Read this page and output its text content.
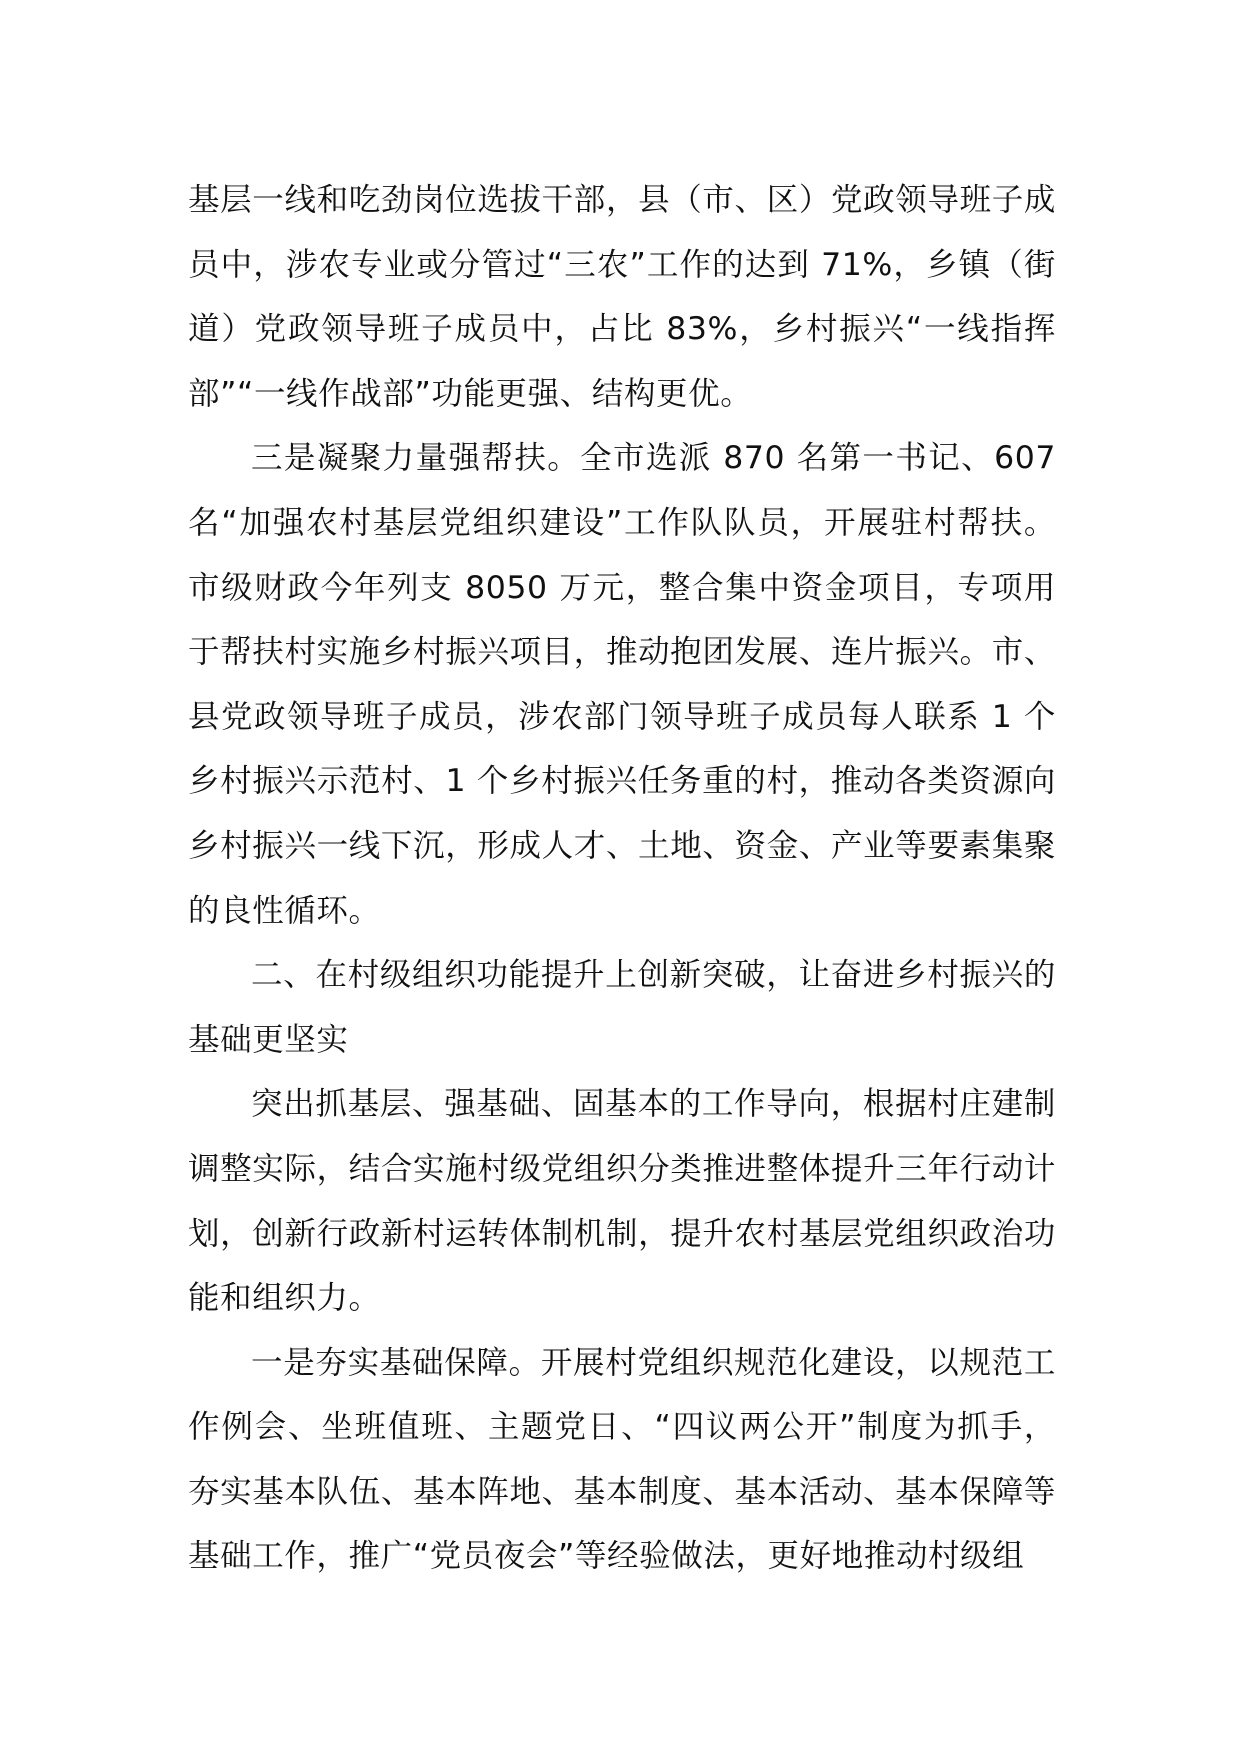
基层一线和吃劲岗位选拔干部，县（市、区）党政领导班子成员中，涉农专业或分管过“三农”工作的达到 71%，乡镇（街道）党政领导班子成员中，占比 83%，乡村振兴“一线指挥部”“一线作战部”功能更强、结构更优。

三是凝聚力量强帮扶。全市选派 870 名第一书记、607 名“加强农村基层党组织建设”工作队队员，开展驻村帮扶。市级财政今年列支 8050 万元，整合集中资金项目，专项用于帮扶村实施乡村振兴项目，推动抱团发展、连片振兴。市、县党政领导班子成员，涉农部门领导班子成员每人联系 1 个乡村振兴示范村、1 个乡村振兴任务重的村，推动各类资源向乡村振兴一线下沉，形成人才、土地、资金、产业等要素集聚的良性循环。

二、在村级组织功能提升上创新突破，让奋进乡村振兴的基础更坚实

突出抓基层、强基础、固基本的工作导向，根据村庄建制调整实际，结合实施村级党组织分类推进整体提升三年行动计划，创新行政新村运转体制机制，提升农村基层党组织政治功能和组织力。

一是夯实基础保障。开展村党组织规范化建设，以规范工作例会、坐班值班、主题党日、“四议两公开”制度为抓手，夯实基本队伍、基本阵地、基本制度、基本活动、基本保障等基础工作，推广“党员夜会”等经验做法，更好地推动村级组
